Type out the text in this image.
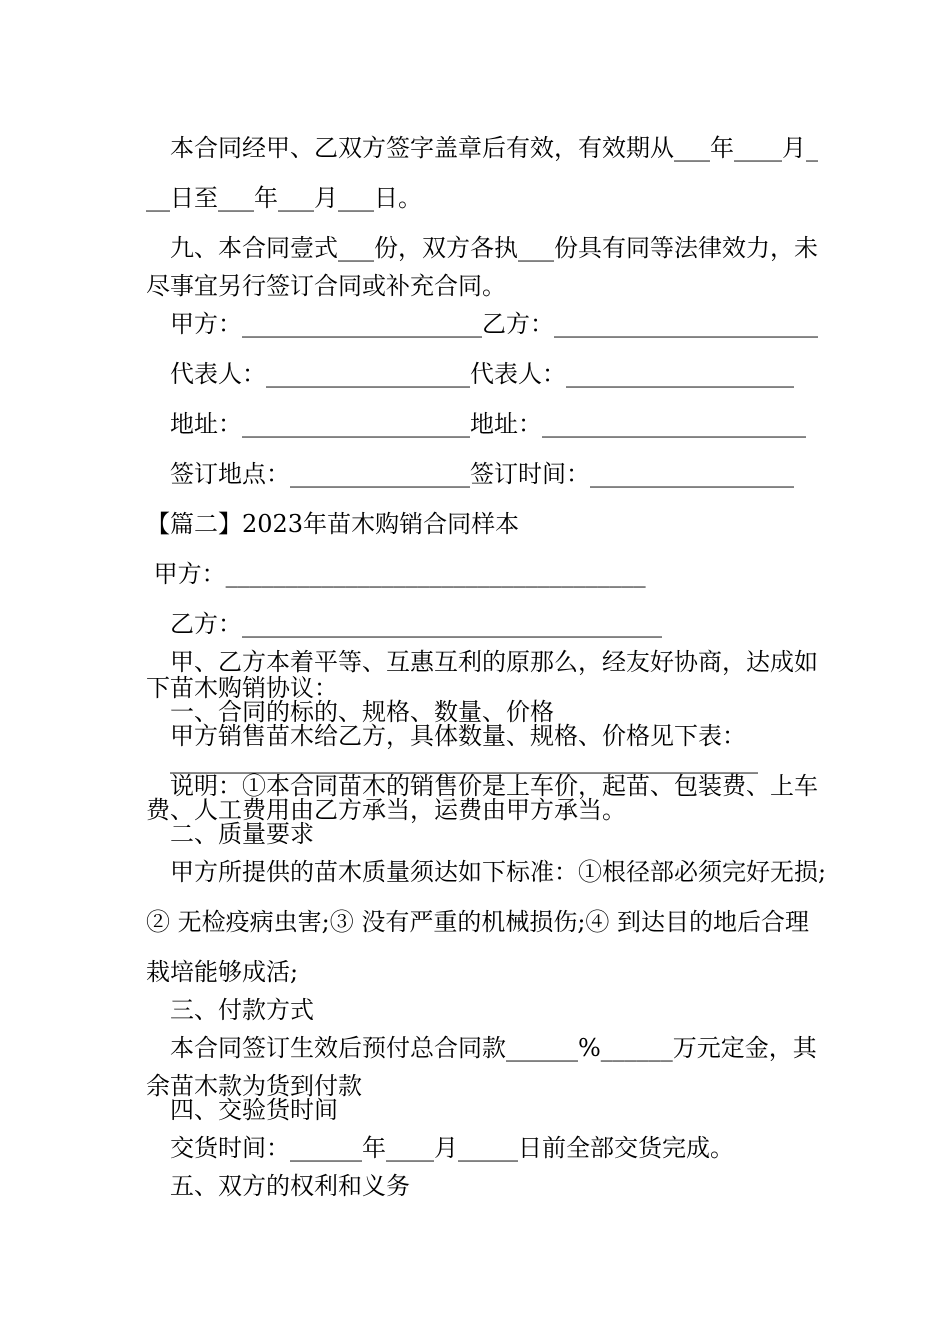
　本合同经甲、乙双方签字盖章后有效，有效期从___年____月_

__日至___年___月___日。

　九、本合同壹式___份，双方各执___份具有同等法律效力，未

尽事宜另行签订合同或补充合同。

　甲方：____________________乙方：______________________

　代表人：_________________代表人：___________________

　地址：___________________地址：______________________

　签订地点：_______________签订时间：_________________

【篇二】2023年苗木购销合同样本

甲方：___________________________________

　乙方：___________________________________

　甲、乙方本着平等、互惠互利的原那么，经友好协商，达成如

下苗木购销协议：

　一、合同的标的、规格、数量、价格

　甲方销售苗木给乙方，具体数量、规格、价格见下表：

　_________________________________________________

　说明：①本合同苗木的销售价是上车价，起苗、包装费、上车

费、人工费用由乙方承当，运费由甲方承当。

　二、质量要求

　甲方所提供的苗木质量须达如下标准：①根径部必须完好无损;

② 无检疫病虫害;③ 没有严重的机械损伤;④ 到达目的地后合理

栽培能够成活;

　三、付款方式

　本合同签订生效后预付总合同款______%______万元定金，其

余苗木款为货到付款

　四、交验货时间

　交货时间：______年____月_____日前全部交货完成。

　五、双方的权利和义务
